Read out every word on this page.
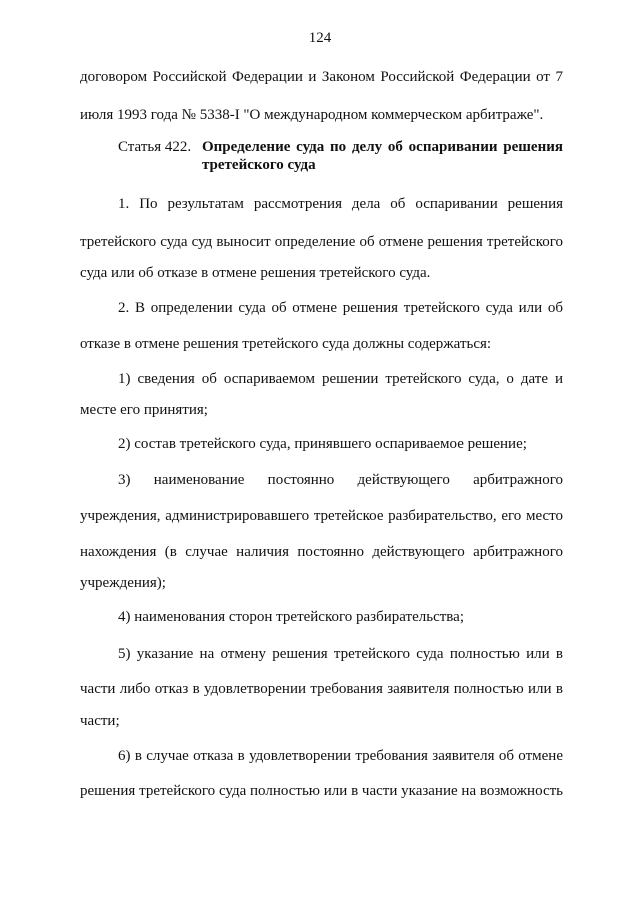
124
договором Российской Федерации и Законом Российской Федерации от 7
июля 1993 года № 5338-I "О международном коммерческом арбитраже".
Статья 422. Определение суда по делу об оспаривании решения
третейского суда
1. По результатам рассмотрения дела об оспаривании решения
третейского суда суд выносит определение об отмене решения третейского
суда или об отказе в отмене решения третейского суда.
2. В определении суда об отмене решения третейского суда или об
отказе в отмене решения третейского суда должны содержаться:
1) сведения об оспариваемом решении третейского суда, о дате и
месте его принятия;
2) состав третейского суда, принявшего оспариваемое решение;
3) наименование постоянно действующего арбитражного
учреждения, администрировавшего третейское разбирательство, его место
нахождения (в случае наличия постоянно действующего арбитражного
учреждения);
4) наименования сторон третейского разбирательства;
5) указание на отмену решения третейского суда полностью или в
части либо отказ в удовлетворении требования заявителя полностью или в
части;
6) в случае отказа в удовлетворении требования заявителя об отмене
решения третейского суда полностью или в части указание на возможность
